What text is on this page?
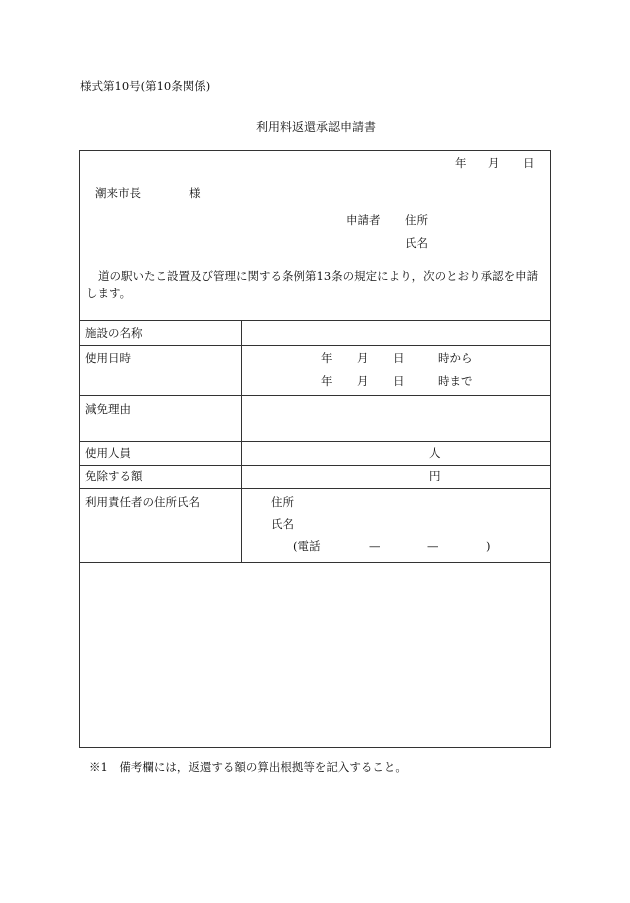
様式第10号(第10条関係)
利用料返還承認申請書
年 月 日
潮来市長	様
申請者 住所
氏名
道の駅いたこ設置及び管理に関する条例第13条の規定により，次のとおり承認を申請します。
施設の名称
使用日時	年 月 日	時から
年 月 日	時まで
減免理由
使用人員	人
免除する額	円
利用責任者の住所氏名	住所
氏名
(電話	—	—	)
※1　備考欄には，返還する額の算出根拠等を記入すること。
